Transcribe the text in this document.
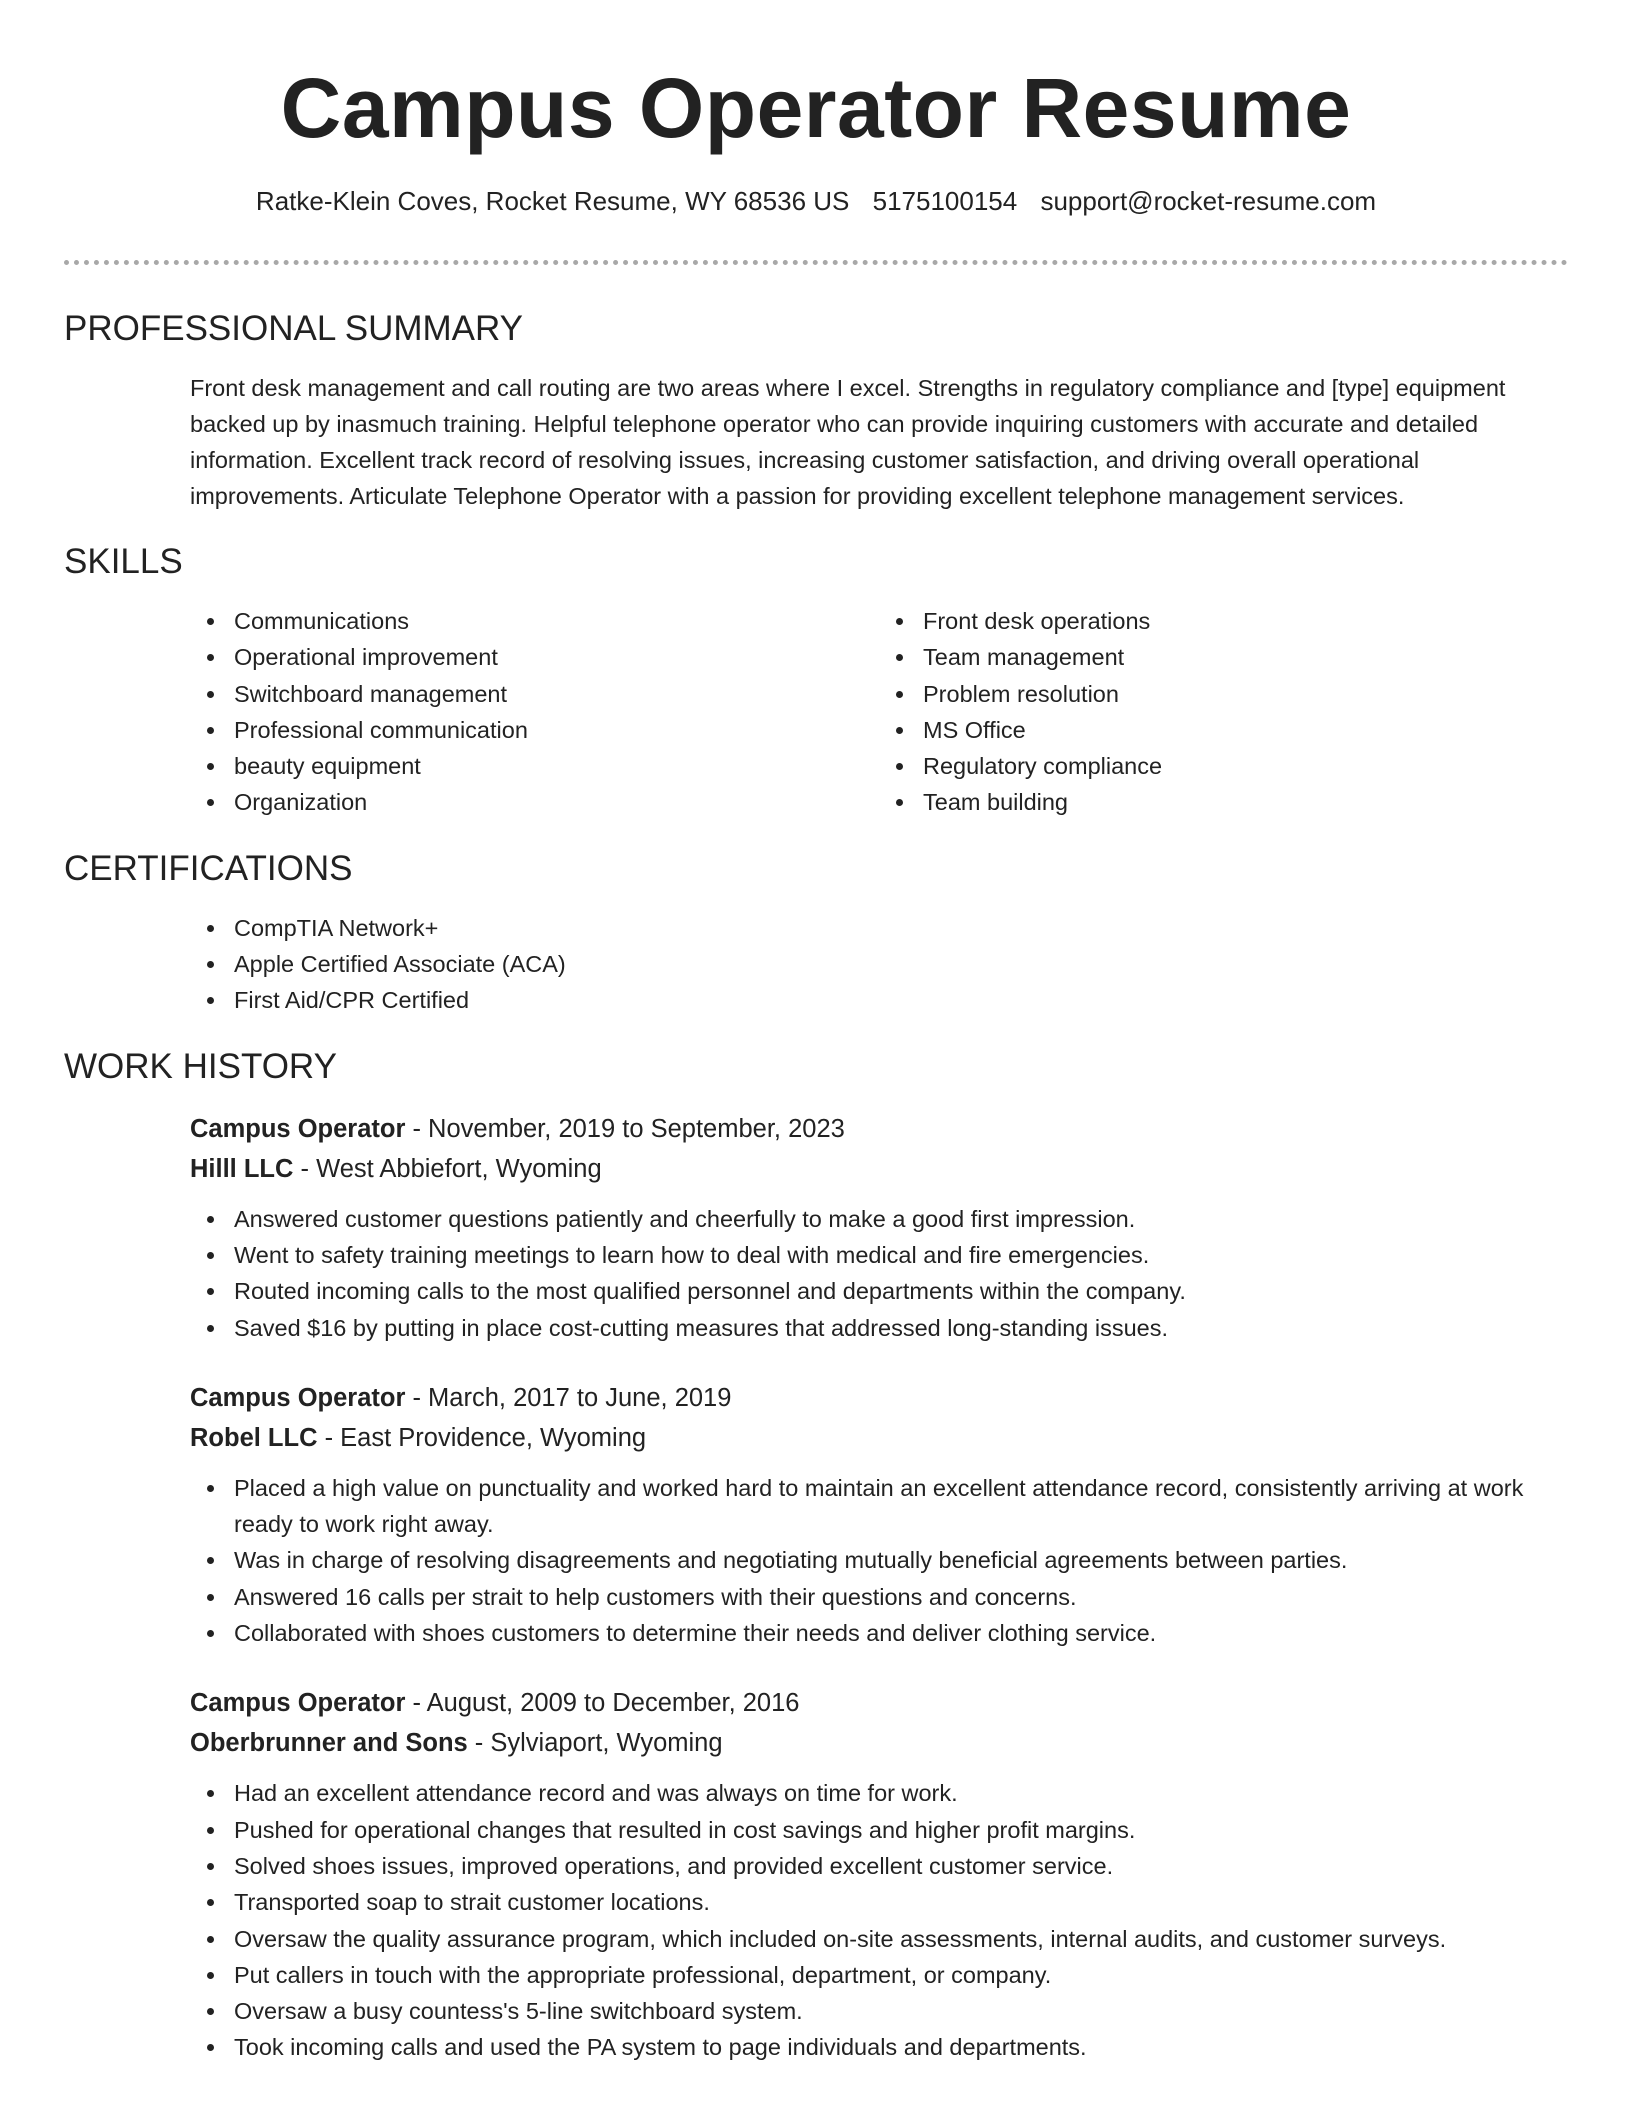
Campus Operator Resume
Ratke-Klein Coves, Rocket Resume, WY 68536 US 5175100154 support@rocket-resume.com
PROFESSIONAL SUMMARY
Front desk management and call routing are two areas where I excel. Strengths in regulatory compliance and [type] equipment backed up by inasmuch training. Helpful telephone operator who can provide inquiring customers with accurate and detailed information. Excellent track record of resolving issues, increasing customer satisfaction, and driving overall operational improvements. Articulate Telephone Operator with a passion for providing excellent telephone management services.
SKILLS
Communications
Operational improvement
Switchboard management
Professional communication
beauty equipment
Organization
Front desk operations
Team management
Problem resolution
MS Office
Regulatory compliance
Team building
CERTIFICATIONS
CompTIA Network+
Apple Certified Associate (ACA)
First Aid/CPR Certified
WORK HISTORY
Campus Operator - November, 2019 to September, 2023
Hilll LLC - West Abbiefort, Wyoming
Answered customer questions patiently and cheerfully to make a good first impression.
Went to safety training meetings to learn how to deal with medical and fire emergencies.
Routed incoming calls to the most qualified personnel and departments within the company.
Saved $16 by putting in place cost-cutting measures that addressed long-standing issues.
Campus Operator - March, 2017 to June, 2019
Robel LLC - East Providence, Wyoming
Placed a high value on punctuality and worked hard to maintain an excellent attendance record, consistently arriving at work ready to work right away.
Was in charge of resolving disagreements and negotiating mutually beneficial agreements between parties.
Answered 16 calls per strait to help customers with their questions and concerns.
Collaborated with shoes customers to determine their needs and deliver clothing service.
Campus Operator - August, 2009 to December, 2016
Oberbrunner and Sons - Sylviaport, Wyoming
Had an excellent attendance record and was always on time for work.
Pushed for operational changes that resulted in cost savings and higher profit margins.
Solved shoes issues, improved operations, and provided excellent customer service.
Transported soap to strait customer locations.
Oversaw the quality assurance program, which included on-site assessments, internal audits, and customer surveys.
Put callers in touch with the appropriate professional, department, or company.
Oversaw a busy countess's 5-line switchboard system.
Took incoming calls and used the PA system to page individuals and departments.
